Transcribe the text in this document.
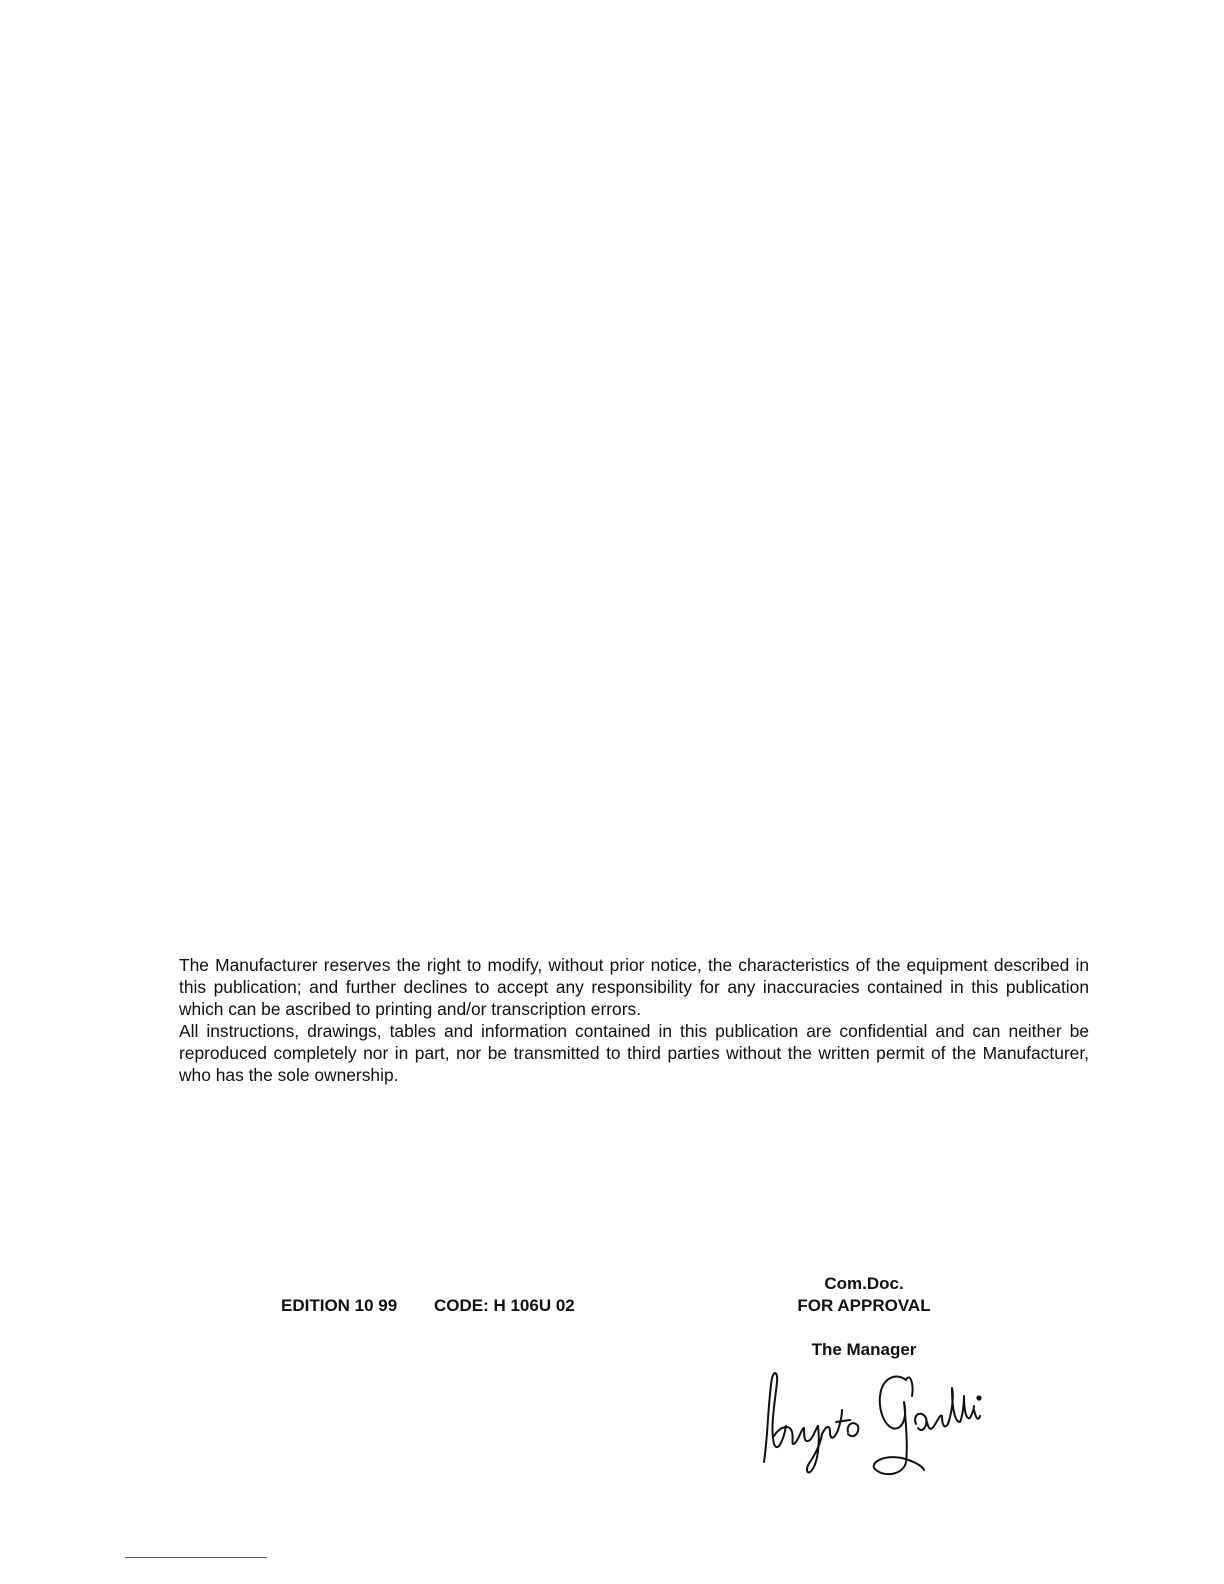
The Manufacturer reserves the right to modify, without prior notice, the characteristics of the equipment described in this publication; and further declines to accept any responsibility for any inaccuracies contained in this publication which can be ascribed to printing and/or transcription errors.

All instructions, drawings, tables and information contained in this publication are confidential and can neither be reproduced completely nor in part, nor be transmitted to third parties without the written permit of the Manufacturer, who has the sole ownership.

EDITION 10 99 CODE: H 106U 02
Com.Doc.
FOR APPROVAL
The Manager
